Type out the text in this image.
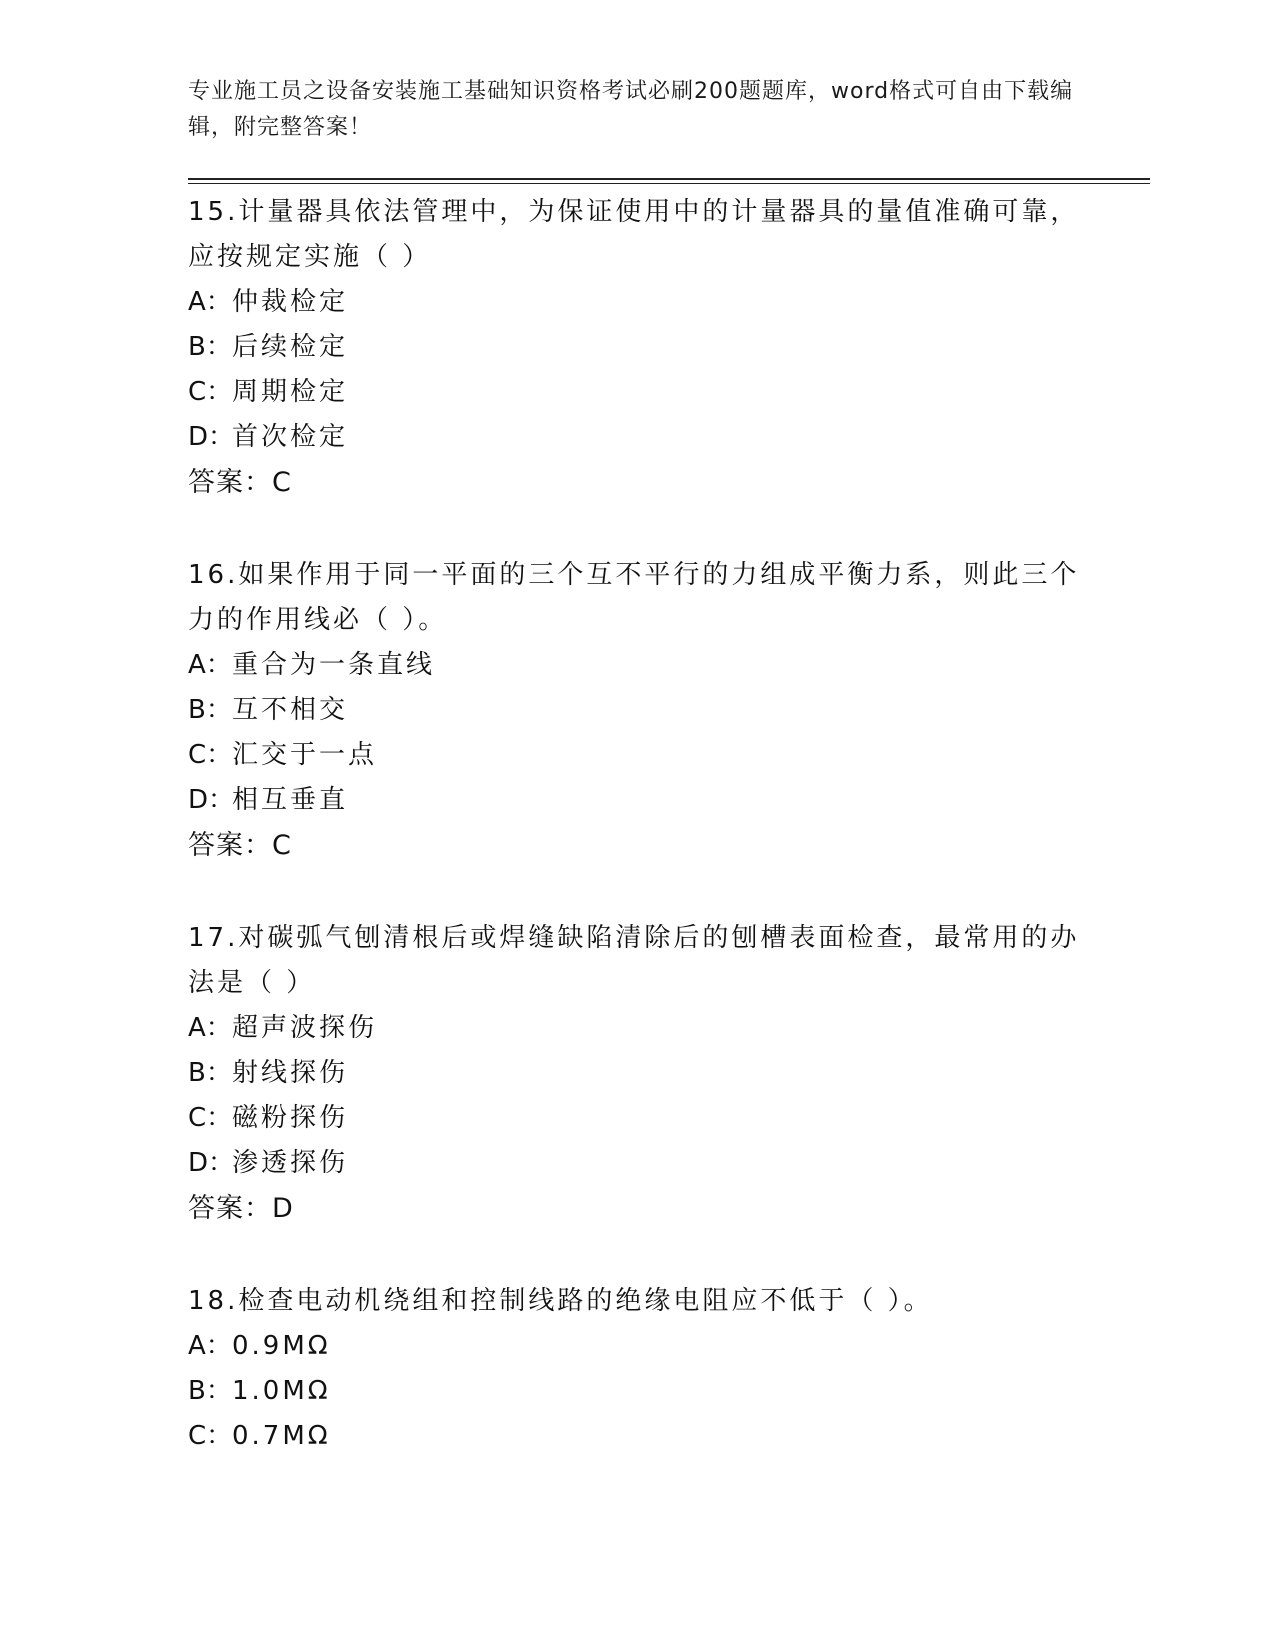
专业施工员之设备安装施工基础知识资格考试必刷200题题库，word格式可自由下载编辑，附完整答案！
15.计量器具依法管理中，为保证使用中的计量器具的量值准确可靠，应按规定实施（ ）
A：仲裁检定
B：后续检定
C：周期检定
D：首次检定
答案：C
16.如果作用于同一平面的三个互不平行的力组成平衡力系，则此三个力的作用线必（ ）。
A：重合为一条直线
B：互不相交
C：汇交于一点
D：相互垂直
答案：C
17.对碳弧气刨清根后或焊缝缺陷清除后的刨槽表面检查，最常用的办法是（ ）
A：超声波探伤
B：射线探伤
C：磁粉探伤
D：渗透探伤
答案：D
18.检查电动机绕组和控制线路的绝缘电阻应不低于（ ）。
A：0.9MΩ
B：1.0MΩ
C：0.7MΩ
